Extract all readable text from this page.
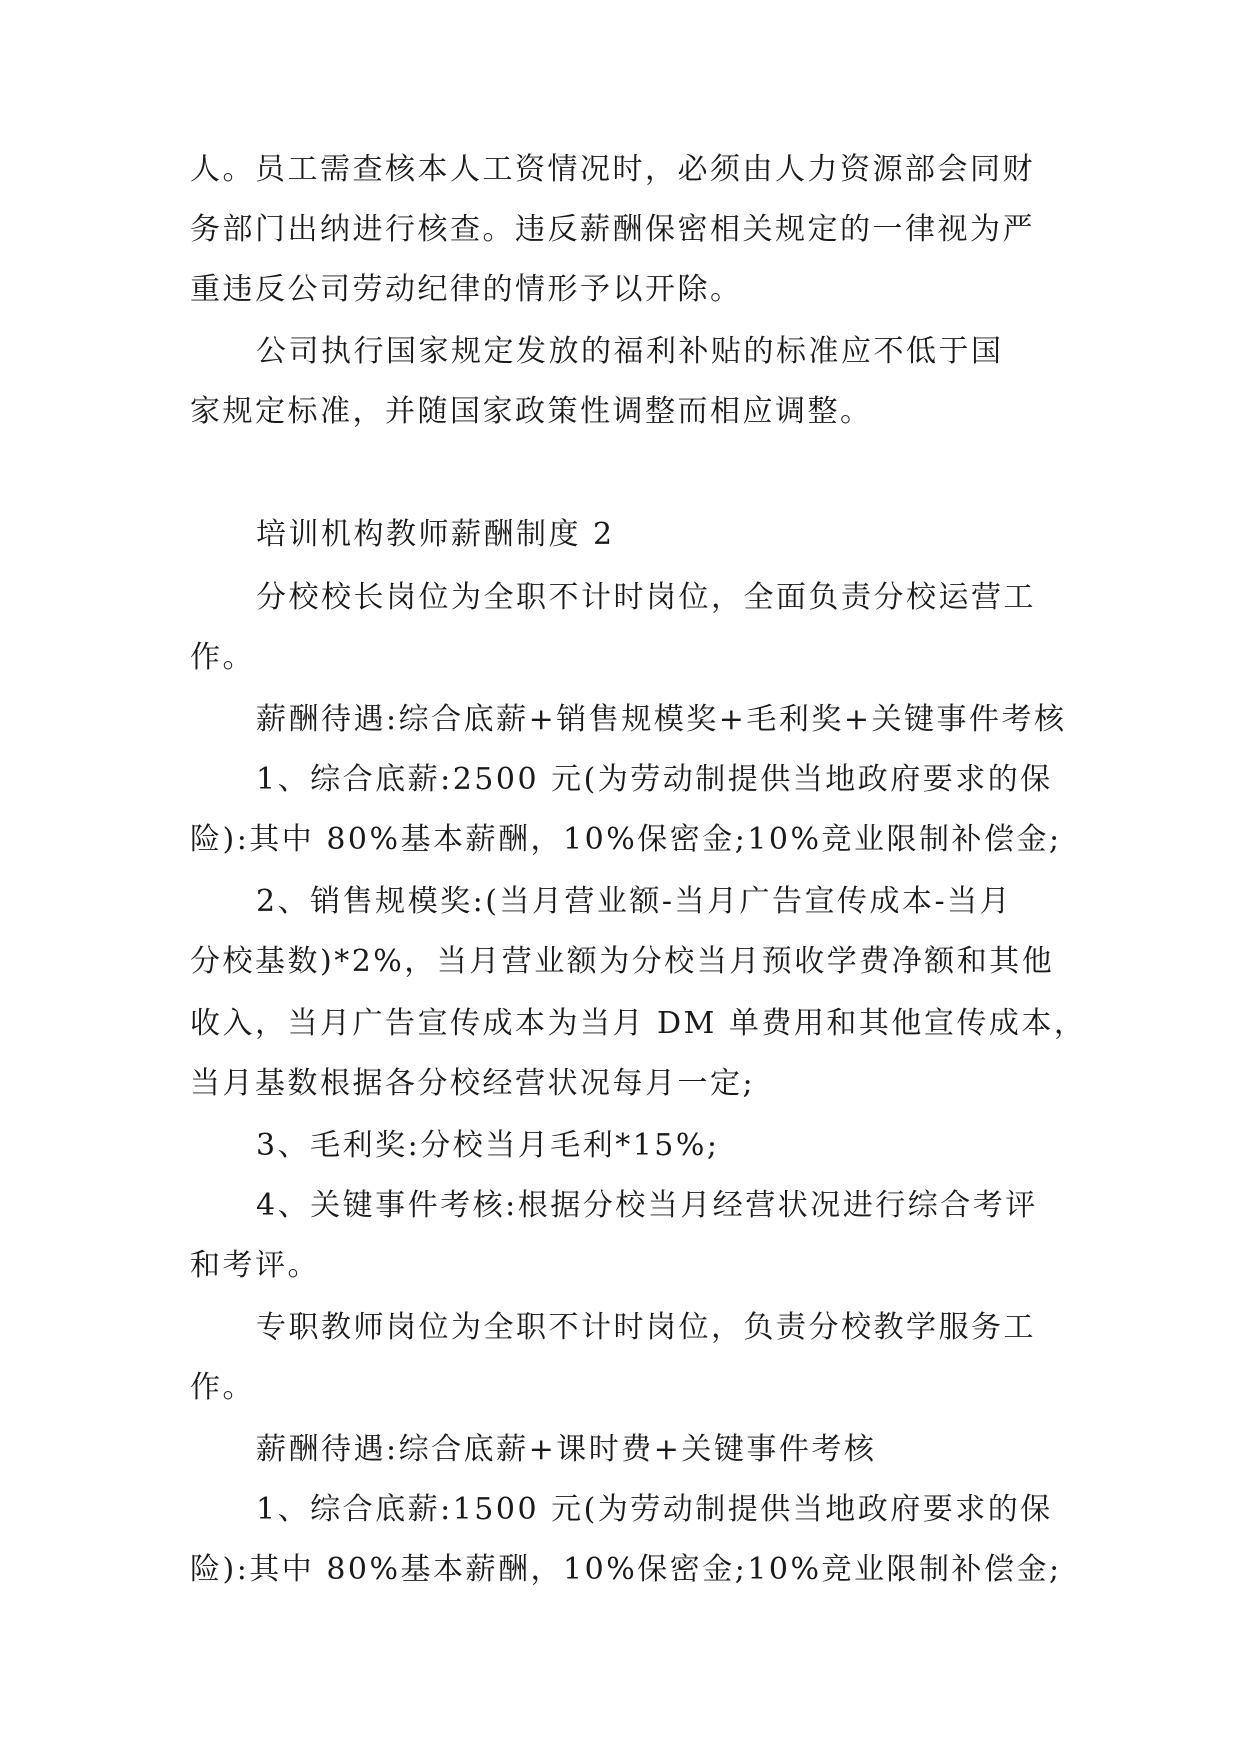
人。员工需查核本人工资情况时，必须由人力资源部会同财
务部门出纳进行核查。违反薪酬保密相关规定的一律视为严
重违反公司劳动纪律的情形予以开除。
公司执行国家规定发放的福利补贴的标准应不低于国
家规定标准，并随国家政策性调整而相应调整。
培训机构教师薪酬制度 2
分校校长岗位为全职不计时岗位，全面负责分校运营工
作。
薪酬待遇:综合底薪+销售规模奖+毛利奖+关键事件考核
1、综合底薪:2500 元(为劳动制提供当地政府要求的保
险):其中 80%基本薪酬，10%保密金;10%竞业限制补偿金;
2、销售规模奖:(当月营业额-当月广告宣传成本-当月
分校基数)*2%，当月营业额为分校当月预收学费净额和其他
收入，当月广告宣传成本为当月 DM 单费用和其他宣传成本，
当月基数根据各分校经营状况每月一定;
3、毛利奖:分校当月毛利*15%;
4、关键事件考核:根据分校当月经营状况进行综合考评
和考评。
专职教师岗位为全职不计时岗位，负责分校教学服务工
作。
薪酬待遇:综合底薪+课时费+关键事件考核
1、综合底薪:1500 元(为劳动制提供当地政府要求的保
险):其中 80%基本薪酬，10%保密金;10%竞业限制补偿金;
